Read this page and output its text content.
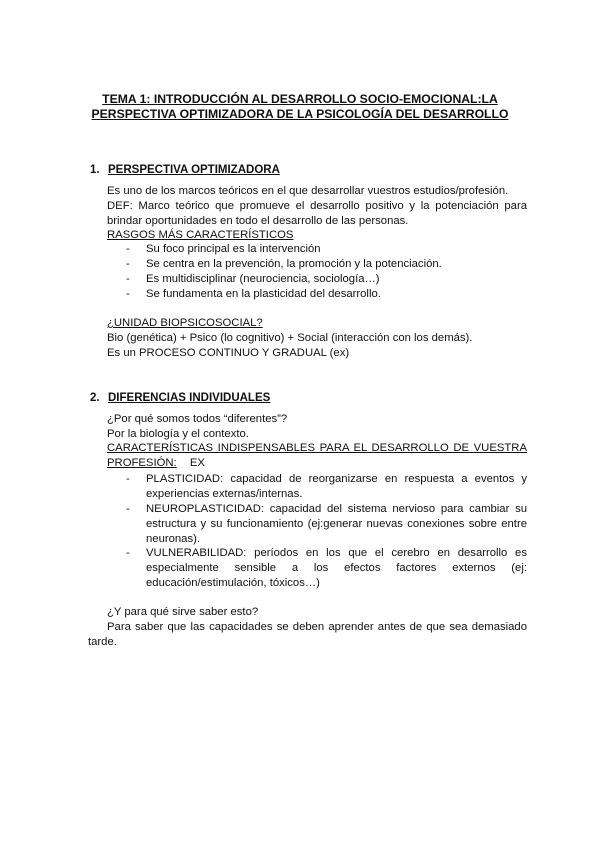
TEMA 1: INTRODUCCIÓN AL DESARROLLO SOCIO-EMOCIONAL:LA
PERSPECTIVA OPTIMIZADORA DE LA PSICOLOGÍA DEL DESARROLLO
1. PERSPECTIVA OPTIMIZADORA
Es uno de los marcos teóricos en el que desarrollar vuestros estudios/profesión.
DEF: Marco teórico que promueve el desarrollo positivo y la potenciación para
brindar oportunidades en todo el desarrollo de las personas.
RASGOS MÁS CARACTERÍSTICOS
- Su foco principal es la intervención
- Se centra en la prevención, la promoción y la potenciación.
- Es multidisciplinar (neurociencia, sociología…)
- Se fundamenta en la plasticidad del desarrollo.
¿UNIDAD BIOPSICOSOCIAL?
Bio (genética) + Psico (lo cognitivo) + Social (interacción con los demás).
Es un PROCESO CONTINUO Y GRADUAL (ex)
2. DIFERENCIAS INDIVIDUALES
¿Por qué somos todos “diferentes”?
Por la biología y el contexto.
CARACTERÍSTICAS INDISPENSABLES PARA EL DESARROLLO DE VUESTRA
PROFESIÓN: EX
- PLASTICIDAD: capacidad de reorganizarse en respuesta a eventos y
experiencias externas/internas.
- NEUROPLASTICIDAD: capacidad del sistema nervioso para cambiar su
estructura y su funcionamiento (ej:generar nuevas conexiones sobre entre
neuronas).
- VULNERABILIDAD: períodos en los que el cerebro en desarrollo es
especialmente sensible a los efectos factores externos (ej:
educación/estimulación, tóxicos…)
¿Y para qué sirve saber esto?
Para saber que las capacidades se deben aprender antes de que sea demasiado
tarde.
